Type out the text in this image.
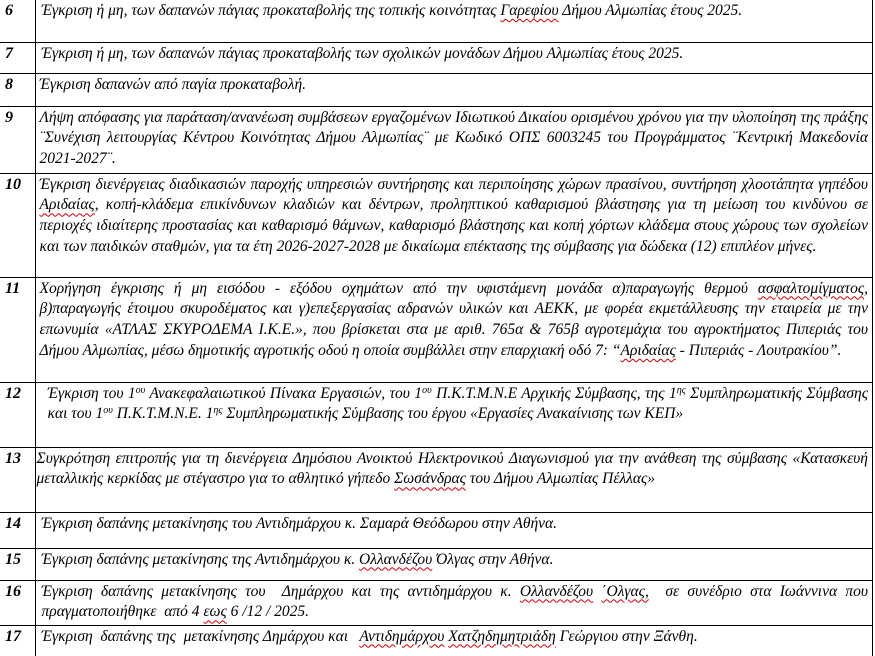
6	Έγκριση ή μη, των δαπανών πάγιας προκαταβολής της τοπικής κοινότητας Γαρεφίου Δήμου Αλμωπίας έτους 2025.

7	Έγκριση ή μη, των δαπανών πάγιας προκαταβολής των σχολικών μονάδων Δήμου Αλμωπίας έτους 2025.

8	Έγκριση δαπανών από παγία προκαταβολή.

9	Λήψη απόφασης για παράταση/ανανέωση συμβάσεων εργαζομένων Ιδιωτικού Δικαίου ορισμένου χρόνου για την υλοποίηση της πράξης ¨Συνέχιση λειτουργίας Κέντρου Κοινότητας Δήμου Αλμωπίας¨ με Κωδικό ΟΠΣ 6003245 του Προγράμματος ¨Κεντρική Μακεδονία 2021-2027¨.

10	Έγκριση διενέργειας διαδικασιών παροχής υπηρεσιών συντήρησης και περιποίησης χώρων πρασίνου, συντήρηση χλοοτάπητα γηπέδου Αριδαίας, κοπή-κλάδεμα επικίνδυνων κλαδιών και δέντρων, προληπτικού καθαρισμού βλάστησης για τη μείωση του κινδύνου σε περιοχές ιδιαίτερης προστασίας και καθαρισμό θάμνων, καθαρισμό βλάστησης και κοπή χόρτων κλάδεμα στους χώρους των σχολείων και των παιδικών σταθμών, για τα έτη 2026-2027-2028 με δικαίωμα επέκτασης της σύμβασης για δώδεκα (12) επιπλέον μήνες.

11	Χορήγηση έγκρισης ή μη εισόδου - εξόδου οχημάτων από την υφιστάμενη μονάδα α)παραγωγής θερμού ασφαλτομίγματος, β)παραγωγής έτοιμου σκυροδέματος και γ)επεξεργασίας αδρανών υλικών και ΑΕΚΚ, με φορέα εκμετάλλευσης την εταιρεία με την επωνυμία «ΑΤΛΑΣ ΣΚΥΡΟΔΕΜΑ Ι.Κ.Ε.», που βρίσκεται στα με αριθ. 765α & 765β αγροτεμάχια του αγροκτήματος Πιπεριάς του Δήμου Αλμωπίας, μέσω δημοτικής αγροτικής οδού η οποία συμβάλλει στην επαρχιακή οδό 7: “Αριδαίας - Πιπεριάς - Λουτρακίου”.

12	Έγκριση του $1^{o\upsilon}$ Ανακεφαλαιωτικού Πίνακα Εργασιών, του $1^{o\upsilon}$ Π.Κ.Τ.Μ.Ν.Ε Αρχικής Σύμβασης, της $1^{\eta\varsigma}$ Συμπληρωματικής Σύμβασης και του $1^{o\upsilon}$ Π.Κ.Τ.Μ.Ν.Ε. $1^{\eta\varsigma}$ Συμπληρωματικής Σύμβασης του έργου «Εργασίες Ανακαίνισης των ΚΕΠ»

13	Συγκρότηση επιτροπής για τη διενέργεια Δημόσιου Ανοικτού Ηλεκτρονικού Διαγωνισμού για την ανάθεση της σύμβασης «Κατασκευή μεταλλικής κερκίδας με στέγαστρο για το αθλητικό γήπεδο Σωσάνδρας του Δήμου Αλμωπίας Πέλλας»

14	Έγκριση δαπάνης μετακίνησης του Αντιδημάρχου κ. Σαμαρά Θεόδωρου στην Αθήνα.

15	Έγκριση δαπάνης μετακίνησης της Αντιδημάρχου κ. Ολλανδέζου Όλγας στην Αθήνα.

16	Έγκριση δαπάνης μετακίνησης του  Δημάρχου και της αντιδημάρχου κ. Ολλανδέζου ΄Ολγας,  σε συνέδριο στα Ιωάννινα που πραγματοποιήθηκε  από 4 εως 6 /12 / 2025.

17	Έγκριση  δαπάνης της  μετακίνησης Δημάρχου και   Αντιδημάρχου Χατζηδημητριάδη Γεώργιου στην Ξάνθη.
